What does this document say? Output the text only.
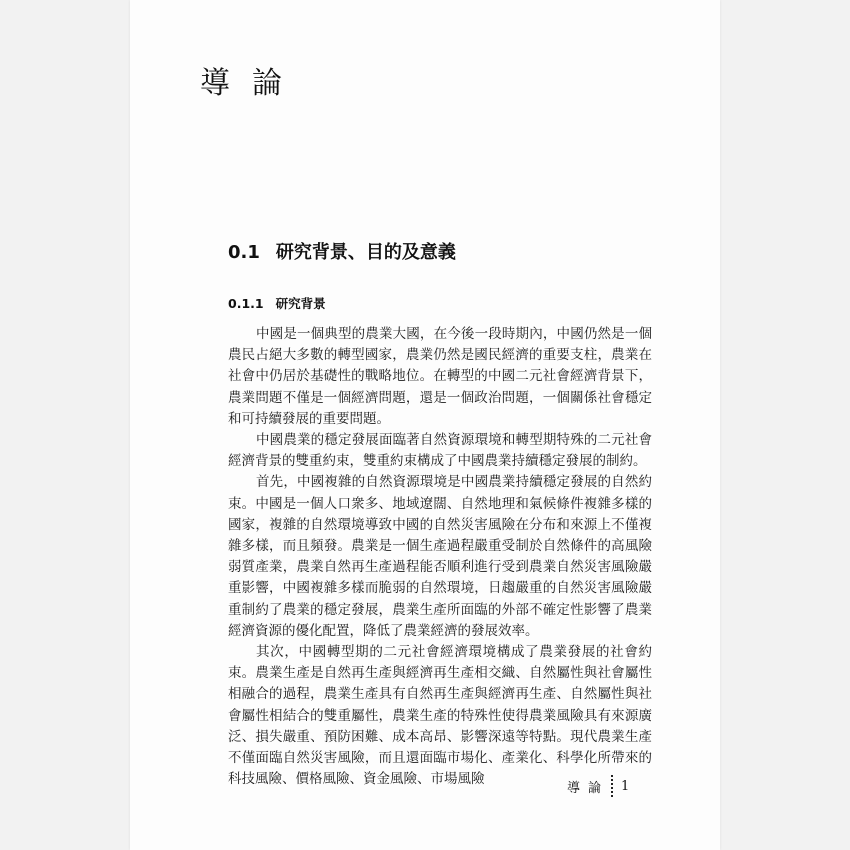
導論
0.1 研究背景、目的及意義
0.1.1 研究背景

中國是一個典型的農業大國，在今後一段時期內，中國仍然是一個農民占絕大多數的轉型國家，農業仍然是國民經濟的重要支柱，農業在社會中仍居於基礎性的戰略地位。在轉型的中國二元社會經濟背景下，農業問題不僅是一個經濟問題，還是一個政治問題，一個關係社會穩定和可持續發展的重要問題。

中國農業的穩定發展面臨著自然資源環境和轉型期特殊的二元社會經濟背景的雙重約束，雙重約束構成了中國農業持續穩定發展的制約。

首先，中國複雜的自然資源環境是中國農業持續穩定發展的自然約束。中國是一個人口衆多、地域遼闊、自然地理和氣候條件複雜多樣的國家，複雜的自然環境導致中國的自然災害風險在分布和來源上不僅複雜多樣，而且頻發。農業是一個生產過程嚴重受制於自然條件的高風險弱質產業，農業自然再生產過程能否順利進行受到農業自然災害風險嚴重影響，中國複雜多樣而脆弱的自然環境，日趨嚴重的自然災害風險嚴重制約了農業的穩定發展，農業生產所面臨的外部不確定性影響了農業經濟資源的優化配置，降低了農業經濟的發展效率。

其次，中國轉型期的二元社會經濟環境構成了農業發展的社會約束。農業生產是自然再生產與經濟再生產相交織、自然屬性與社會屬性相融合的過程，農業生產具有自然再生產與經濟再生產、自然屬性與社會屬性相結合的雙重屬性，農業生產的特殊性使得農業風險具有來源廣泛、損失嚴重、預防困難、成本高昂、影響深遠等特點。現代農業生產不僅面臨自然災害風險，而且還面臨市場化、產業化、科學化所帶來的科技風險、價格風險、資金風險、市場風險

導論 1
